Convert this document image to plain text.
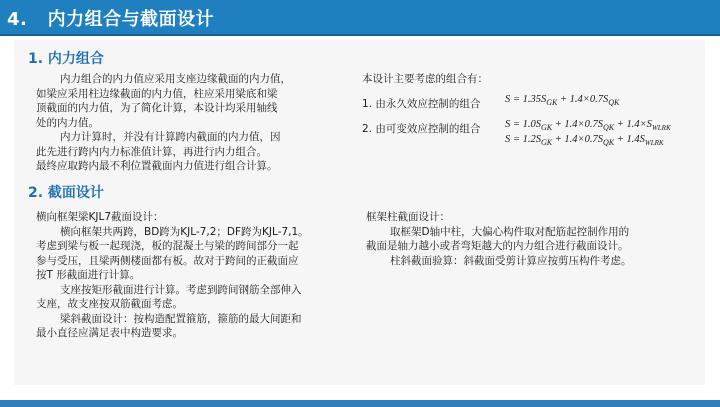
4.   内力组合与截面设计
1. 内力组合
内力组合的内力值应采用支座边缘截面的内力值，
如梁应采用柱边缘截面的内力值，柱应采用梁底和梁
顶截面的内力值，为了简化计算，本设计均采用轴线
处的内力值。
内力计算时，并没有计算跨内截面的内力值，因
此先进行跨内内力标准值计算，再进行内力组合。
最终应取跨内最不利位置截面内力值进行组合计算。
本设计主要考虑的组合有：
1. 由永久效应控制的组合 $S = 1.35S_{GK} + 1.4\times 0.7S_{QK}$
2. 由可变效应控制的组合 $S = 1.0S_{GK} + 1.4\times 0.7S_{QK} + 1.4\times S_{WLRK}$
$S = 1.2S_{GK} + 1.4\times 0.7S_{QK} + 1.4S_{WLRK}$
2. 截面设计
横向框架梁KJL7截面设计：
横向框架共两跨，BD跨为KJL-7,2；DF跨为KJL-7,1。
考虑到梁与板一起现浇，板的混凝土与梁的跨间部分一起
参与受压，且梁两侧楼面都有板。故对于跨间的正截面应
按T 形截面进行计算。
支座按矩形截面进行计算。考虑到跨间钢筋全部伸入
支座，故支座按双筋截面考虑。
梁斜截面设计：按构造配置箍筋，箍筋的最大间距和
最小直径应满足表中构造要求。
框架柱截面设计：
取框架D轴中柱，大偏心构件取对配筋起控制作用的
截面是轴力越小或者弯矩越大的内力组合进行截面设计。
柱斜截面验算：斜截面受剪计算应按剪压构件考虑。
